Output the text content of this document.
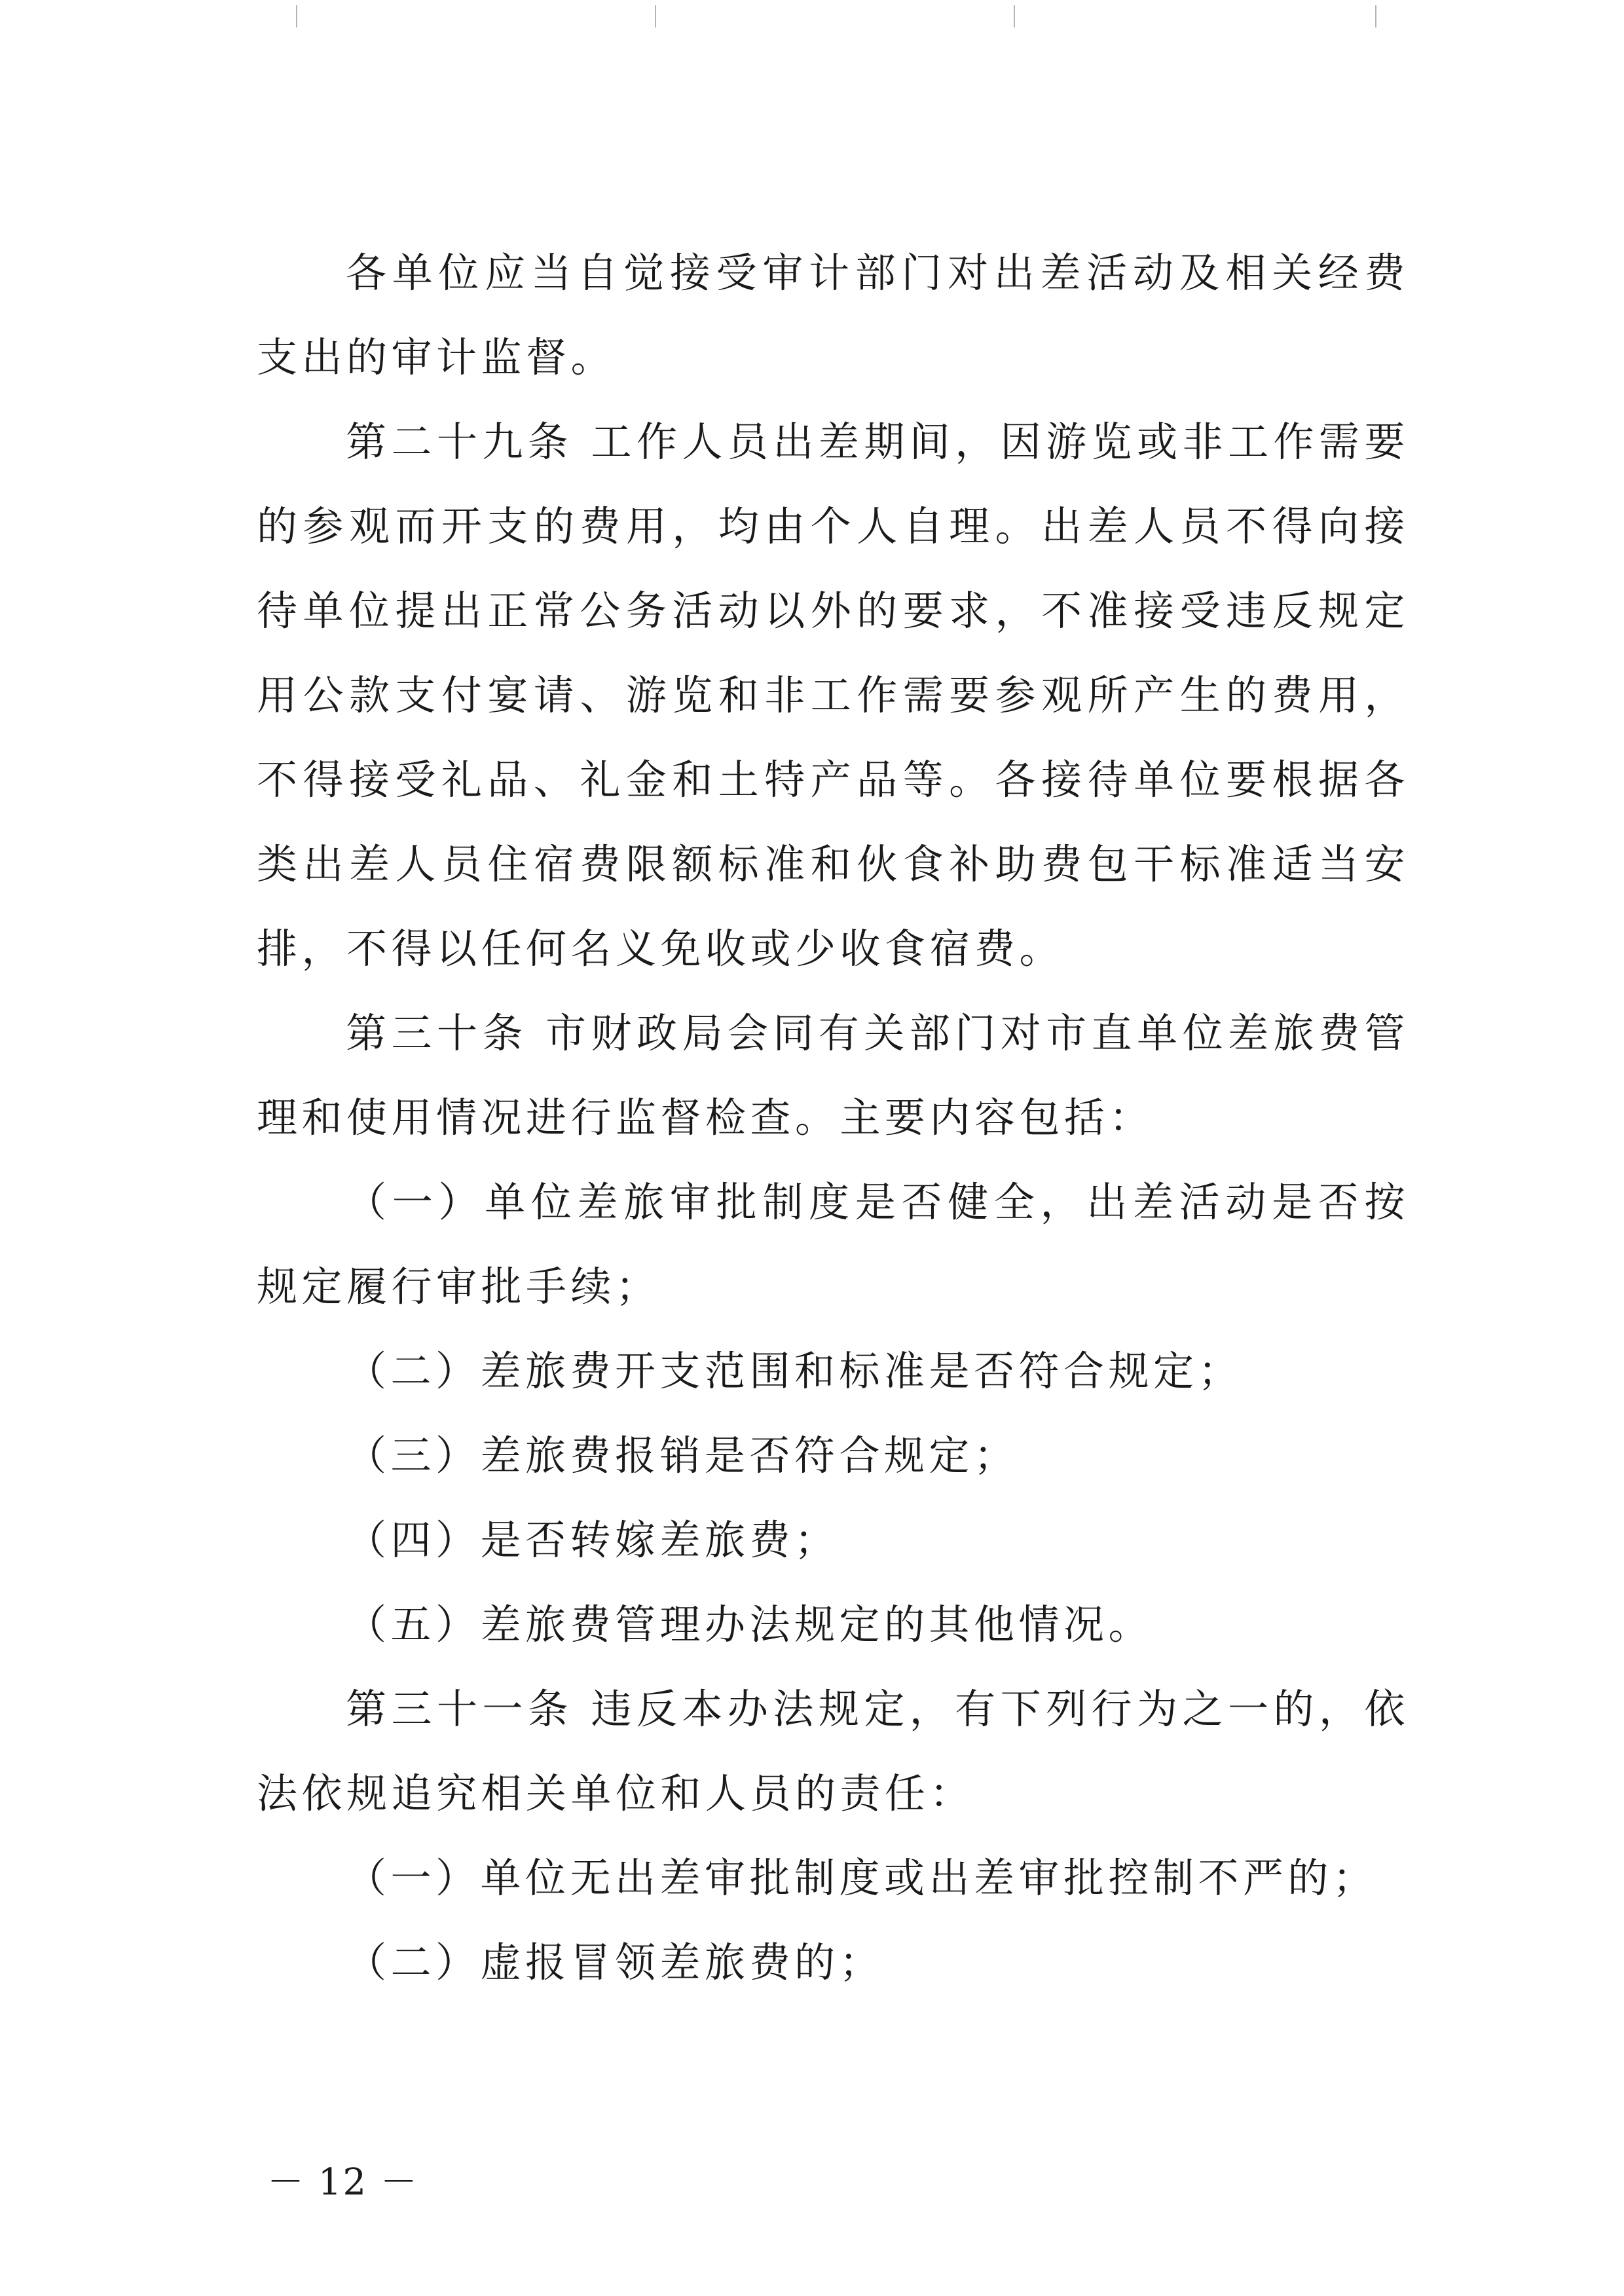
各单位应当自觉接受审计部门对出差活动及相关经费支出的审计监督。

第二十九条 工作人员出差期间，因游览或非工作需要的参观而开支的费用，均由个人自理。出差人员不得向接待单位提出正常公务活动以外的要求，不准接受违反规定用公款支付宴请、游览和非工作需要参观所产生的费用，不得接受礼品、礼金和土特产品等。各接待单位要根据各类出差人员住宿费限额标准和伙食补助费包干标准适当安排，不得以任何名义免收或少收食宿费。

第三十条 市财政局会同有关部门对市直单位差旅费管理和使用情况进行监督检查。主要内容包括：

（一）单位差旅审批制度是否健全，出差活动是否按规定履行审批手续；

（二）差旅费开支范围和标准是否符合规定；

（三）差旅费报销是否符合规定；

（四）是否转嫁差旅费；

（五）差旅费管理办法规定的其他情况。

第三十一条 违反本办法规定，有下列行为之一的，依法依规追究相关单位和人员的责任：

（一）单位无出差审批制度或出差审批控制不严的；

（二）虚报冒领差旅费的；

－ 12 －
